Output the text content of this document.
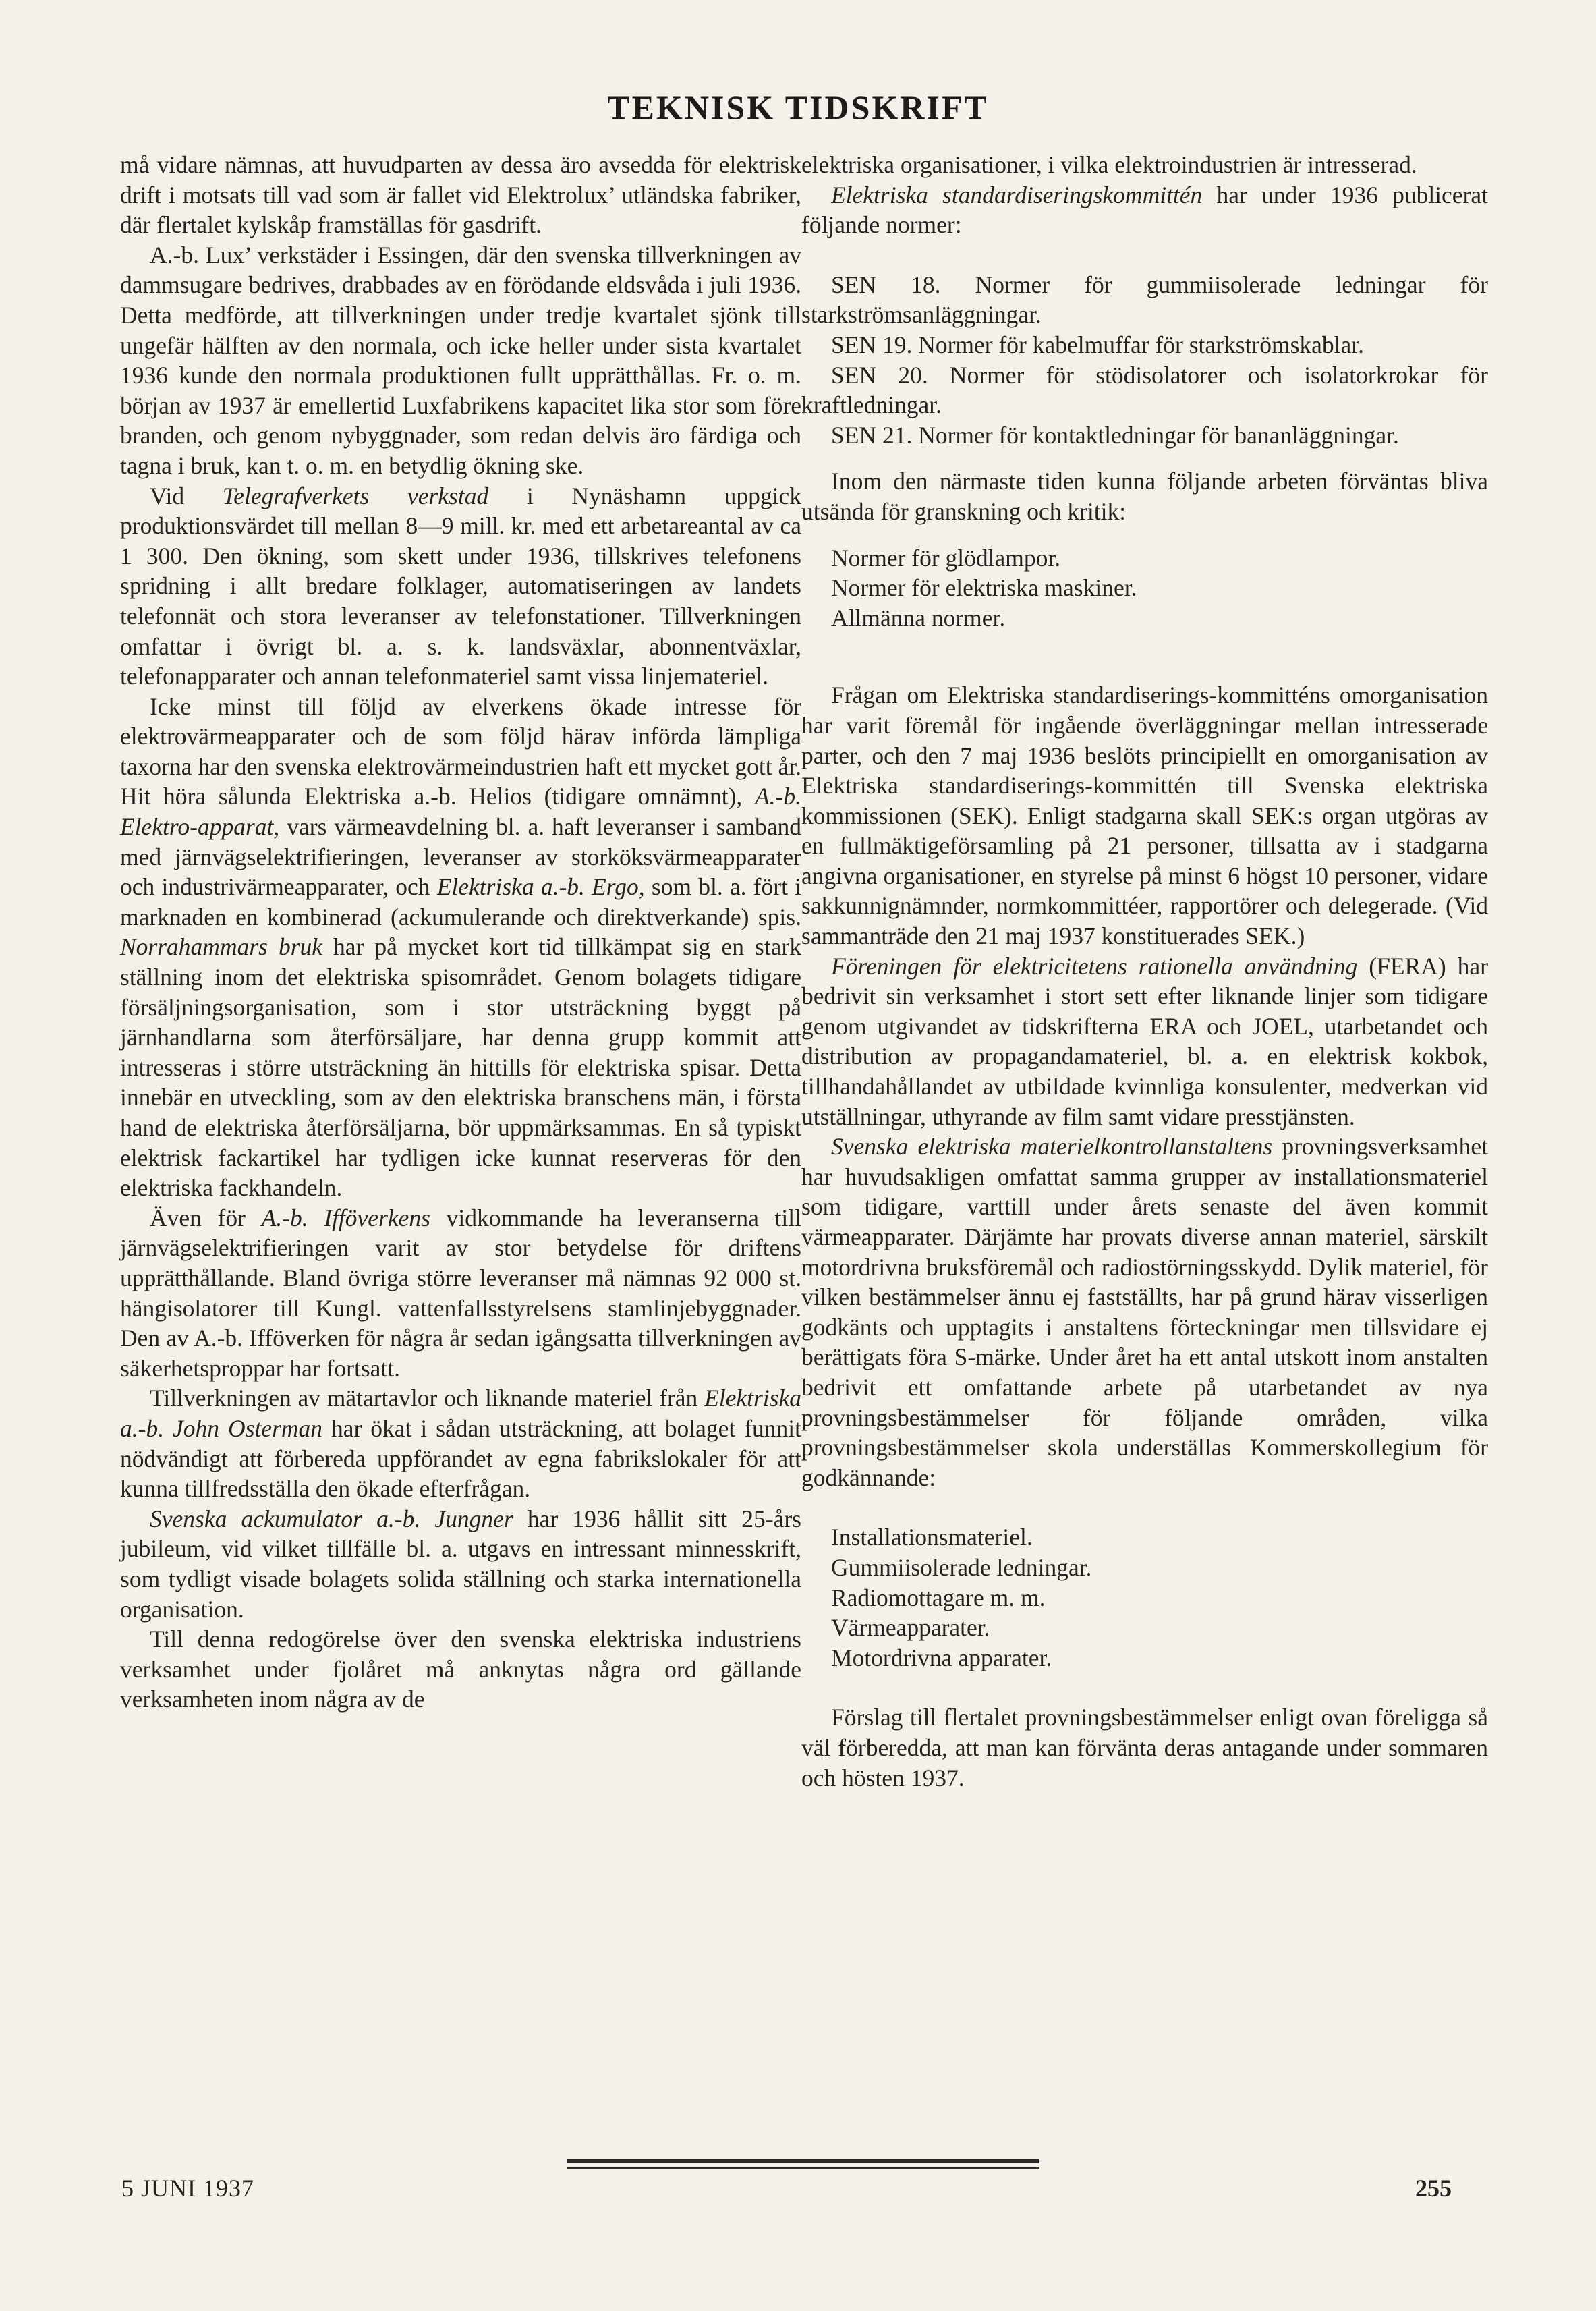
TEKNISK TIDSKRIFT

må vidare nämnas, att huvudparten av dessa äro avsedda för elektrisk drift i motsats till vad som är fallet vid Elektrolux’ utländska fabriker, där flertalet kylskåp framställas för gasdrift.

A.-b. Lux’ verkstäder i Essingen, där den svenska tillverkningen av dammsugare bedrives, drabbades av en förödande eldsvåda i juli 1936. Detta medförde, att tillverkningen under tredje kvartalet sjönk till ungefär hälften av den normala, och icke heller under sista kvartalet 1936 kunde den normala produktionen fullt upprätthållas. Fr. o. m. början av 1937 är emellertid Luxfabrikens kapacitet lika stor som före branden, och genom nybyggnader, som redan delvis äro färdiga och tagna i bruk, kan t. o. m. en betydlig ökning ske.

Vid Telegrafverkets verkstad i Nynäshamn uppgick produktionsvärdet till mellan 8—9 mill. kr. med ett arbetareantal av ca 1 300. Den ökning, som skett under 1936, tillskrives telefonens spridning i allt bredare folklager, automatiseringen av landets telefonnät och stora leveranser av telefonstationer. Tillverkningen omfattar i övrigt bl. a. s. k. landsväxlar, abonnentväxlar, telefonapparater och annan telefonmateriel samt vissa linjemateriel.

Icke minst till följd av elverkens ökade intresse för elektrovärmeapparater och de som följd härav införda lämpliga taxorna har den svenska elektrovärmeindustrien haft ett mycket gott år. Hit höra sålunda Elektriska a.-b. Helios (tidigare omnämnt), A.-b. Elektro-apparat, vars värmeavdelning bl. a. haft leveranser i samband med järnvägselektrifieringen, leveranser av storköksvärmeapparater och industrivärmeapparater, och Elektriska a.-b. Ergo, som bl. a. fört i marknaden en kombinerad (ackumulerande och direktverkande) spis. Norrahammars bruk har på mycket kort tid tillkämpat sig en stark ställning inom det elektriska spisområdet. Genom bolagets tidigare försäljningsorganisation, som i stor utsträckning byggt på järnhandlarna som återförsäljare, har denna grupp kommit att intresseras i större utsträckning än hittills för elektriska spisar. Detta innebär en utveckling, som av den elektriska branschens män, i första hand de elektriska återförsäljarna, bör uppmärksammas. En så typiskt elektrisk fackartikel har tydligen icke kunnat reserveras för den elektriska fackhandeln.

Även för A.-b. Ifföverkens vidkommande ha leveranserna till järnvägselektrifieringen varit av stor betydelse för driftens upprätthållande. Bland övriga större leveranser må nämnas 92 000 st. hängisolatorer till Kungl. vattenfallsstyrelsens stamlinjebyggnader. Den av A.-b. Ifföverken för några år sedan igångsatta tillverkningen av säkerhetsproppar har fortsatt.

Tillverkningen av mätartavlor och liknande materiel från Elektriska a.-b. John Osterman har ökat i sådan utsträckning, att bolaget funnit nödvändigt att förbereda uppförandet av egna fabrikslokaler för att kunna tillfredsställa den ökade efterfrågan.

Svenska ackumulator a.-b. Jungner har 1936 hållit sitt 25-års jubileum, vid vilket tillfälle bl. a. utgavs en intressant minnesskrift, som tydligt visade bolagets solida ställning och starka internationella organisation.

Till denna redogörelse över den svenska elektriska industriens verksamhet under fjolåret må anknytas några ord gällande verksamheten inom några av de

elektriska organisationer, i vilka elektroindustrien är intresserad.

Elektriska standardiseringskommittén har under 1936 publicerat följande normer:

SEN 18. Normer för gummiisolerade ledningar för starkströmsanläggningar.

SEN 19. Normer för kabelmuffar för starkströmskablar.

SEN 20. Normer för stödisolatorer och isolatorkrokar för kraftledningar.

SEN 21. Normer för kontaktledningar för bananläggningar.

Inom den närmaste tiden kunna följande arbeten förväntas bliva utsända för granskning och kritik:

Normer för glödlampor.

Normer för elektriska maskiner.

Allmänna normer.

Frågan om Elektriska standardiserings-kommitténs omorganisation har varit föremål för ingående överläggningar mellan intresserade parter, och den 7 maj 1936 beslöts principiellt en omorganisation av Elektriska standardiserings-kommittén till Svenska elektriska kommissionen (SEK). Enligt stadgarna skall SEK:s organ utgöras av en fullmäktigeförsamling på 21 personer, tillsatta av i stadgarna angivna organisationer, en styrelse på minst 6 högst 10 personer, vidare sakkunnignämnder, normkommittéer, rapportörer och delegerade. (Vid sammanträde den 21 maj 1937 konstituerades SEK.)

Föreningen för elektricitetens rationella användning (FERA) har bedrivit sin verksamhet i stort sett efter liknande linjer som tidigare genom utgivandet av tidskrifterna ERA och JOEL, utarbetandet och distribution av propagandamateriel, bl. a. en elektrisk kokbok, tillhandahållandet av utbildade kvinnliga konsulenter, medverkan vid utställningar, uthyrande av film samt vidare presstjänsten.

Svenska elektriska materielkontrollanstaltens provningsverksamhet har huvudsakligen omfattat samma grupper av installationsmateriel som tidigare, varttill under årets senaste del även kommit värmeapparater. Därjämte har provats diverse annan materiel, särskilt motordrivna bruksföremål och radiostörningsskydd. Dylik materiel, för vilken bestämmelser ännu ej fastställts, har på grund härav visserligen godkänts och upptagits i anstaltens förteckningar men tillsvidare ej berättigats föra S-märke. Under året ha ett antal utskott inom anstalten bedrivit ett omfattande arbete på utarbetandet av nya provningsbestämmelser för följande områden, vilka provningsbestämmelser skola underställas Kommerskollegium för godkännande:

Installationsmateriel.

Gummiisolerade ledningar.

Radiomottagare m. m.

Värmeapparater.

Motordrivna apparater.

Förslag till flertalet provningsbestämmelser enligt ovan föreligga så väl förberedda, att man kan förvänta deras antagande under sommaren och hösten 1937.

5 JUNI 1937	255
